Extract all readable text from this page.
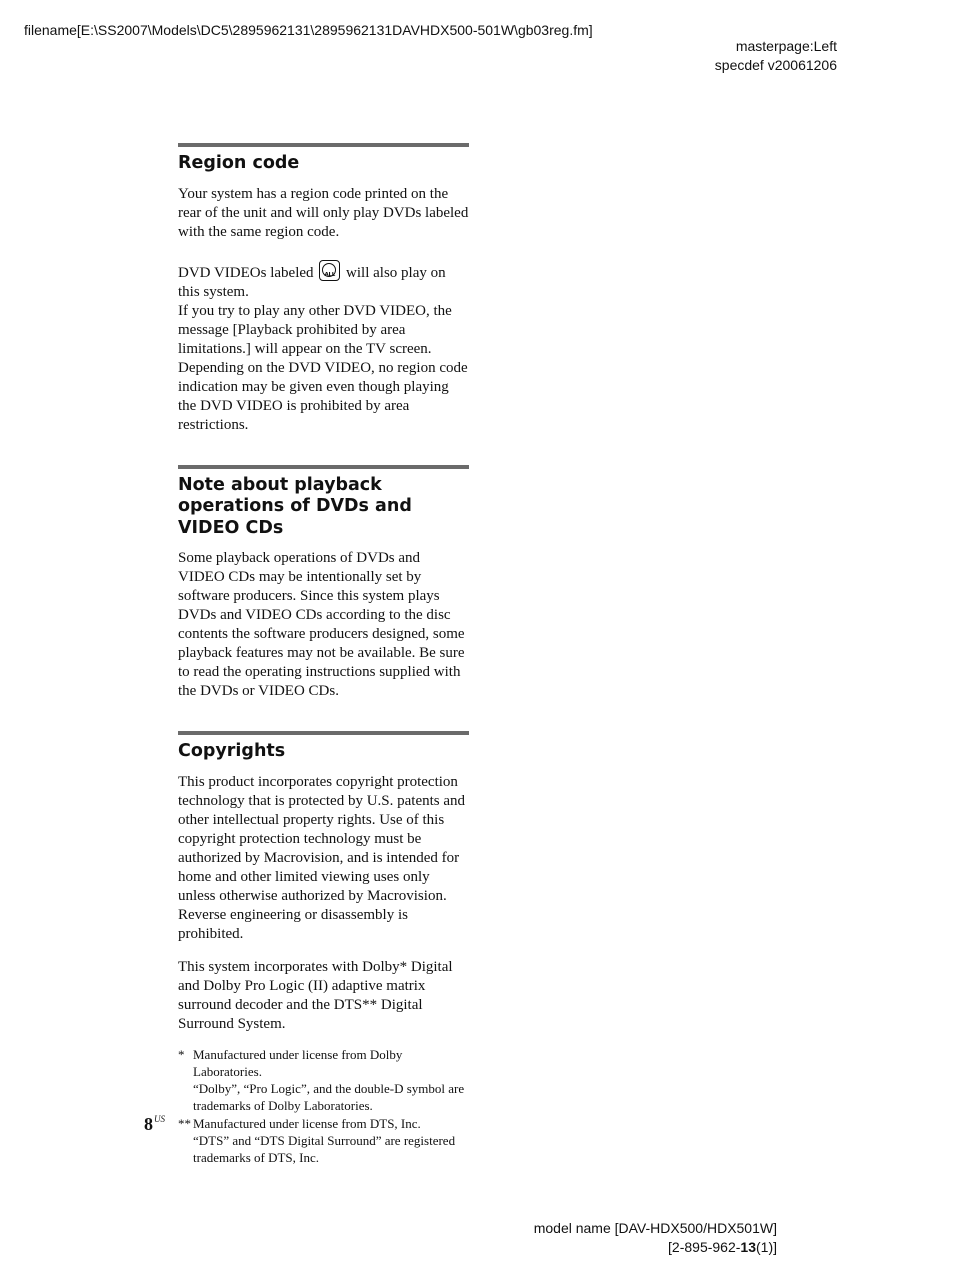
filename[E:\SS2007\Models\DC5\2895962131\2895962131DAVHDX500-501W\gb03reg.fm]
masterpage:Left
specdef v20061206
Region code

Your system has a region code printed on the rear of the unit and will only play DVDs labeled with the same region code.

DVD VIDEOs labeled	ALL will also play on this system.

If you try to play any other DVD VIDEO, the message [Playback prohibited by area limitations.] will appear on the TV screen. Depending on the DVD VIDEO, no region code indication may be given even though playing the DVD VIDEO is prohibited by area restrictions.

Note about playback
operations of DVDs and
VIDEO CDs

Some playback operations of DVDs and VIDEO CDs may be intentionally set by software producers. Since this system plays DVDs and VIDEO CDs according to the disc contents the software producers designed, some playback features may not be available. Be sure to read the operating instructions supplied with the DVDs or VIDEO CDs.

Copyrights

This product incorporates copyright protection technology that is protected by U.S. patents and other intellectual property rights. Use of this copyright protection technology must be authorized by Macrovision, and is intended for home and other limited viewing uses only unless otherwise authorized by Macrovision. Reverse engineering or disassembly is prohibited.

This system incorporates with Dolby* Digital and Dolby Pro Logic (II) adaptive matrix surround decoder and the DTS** Digital Surround System.

* Manufactured under license from Dolby Laboratories.
“Dolby”, “Pro Logic”, and the double-D symbol are trademarks of Dolby Laboratories.
** Manufactured under license from DTS, Inc.
“DTS” and “DTS Digital Surround” are registered trademarks of DTS, Inc.
$8^{US}$
model name [DAV-HDX500/HDX501W]
[2-895-962-13(1)]
